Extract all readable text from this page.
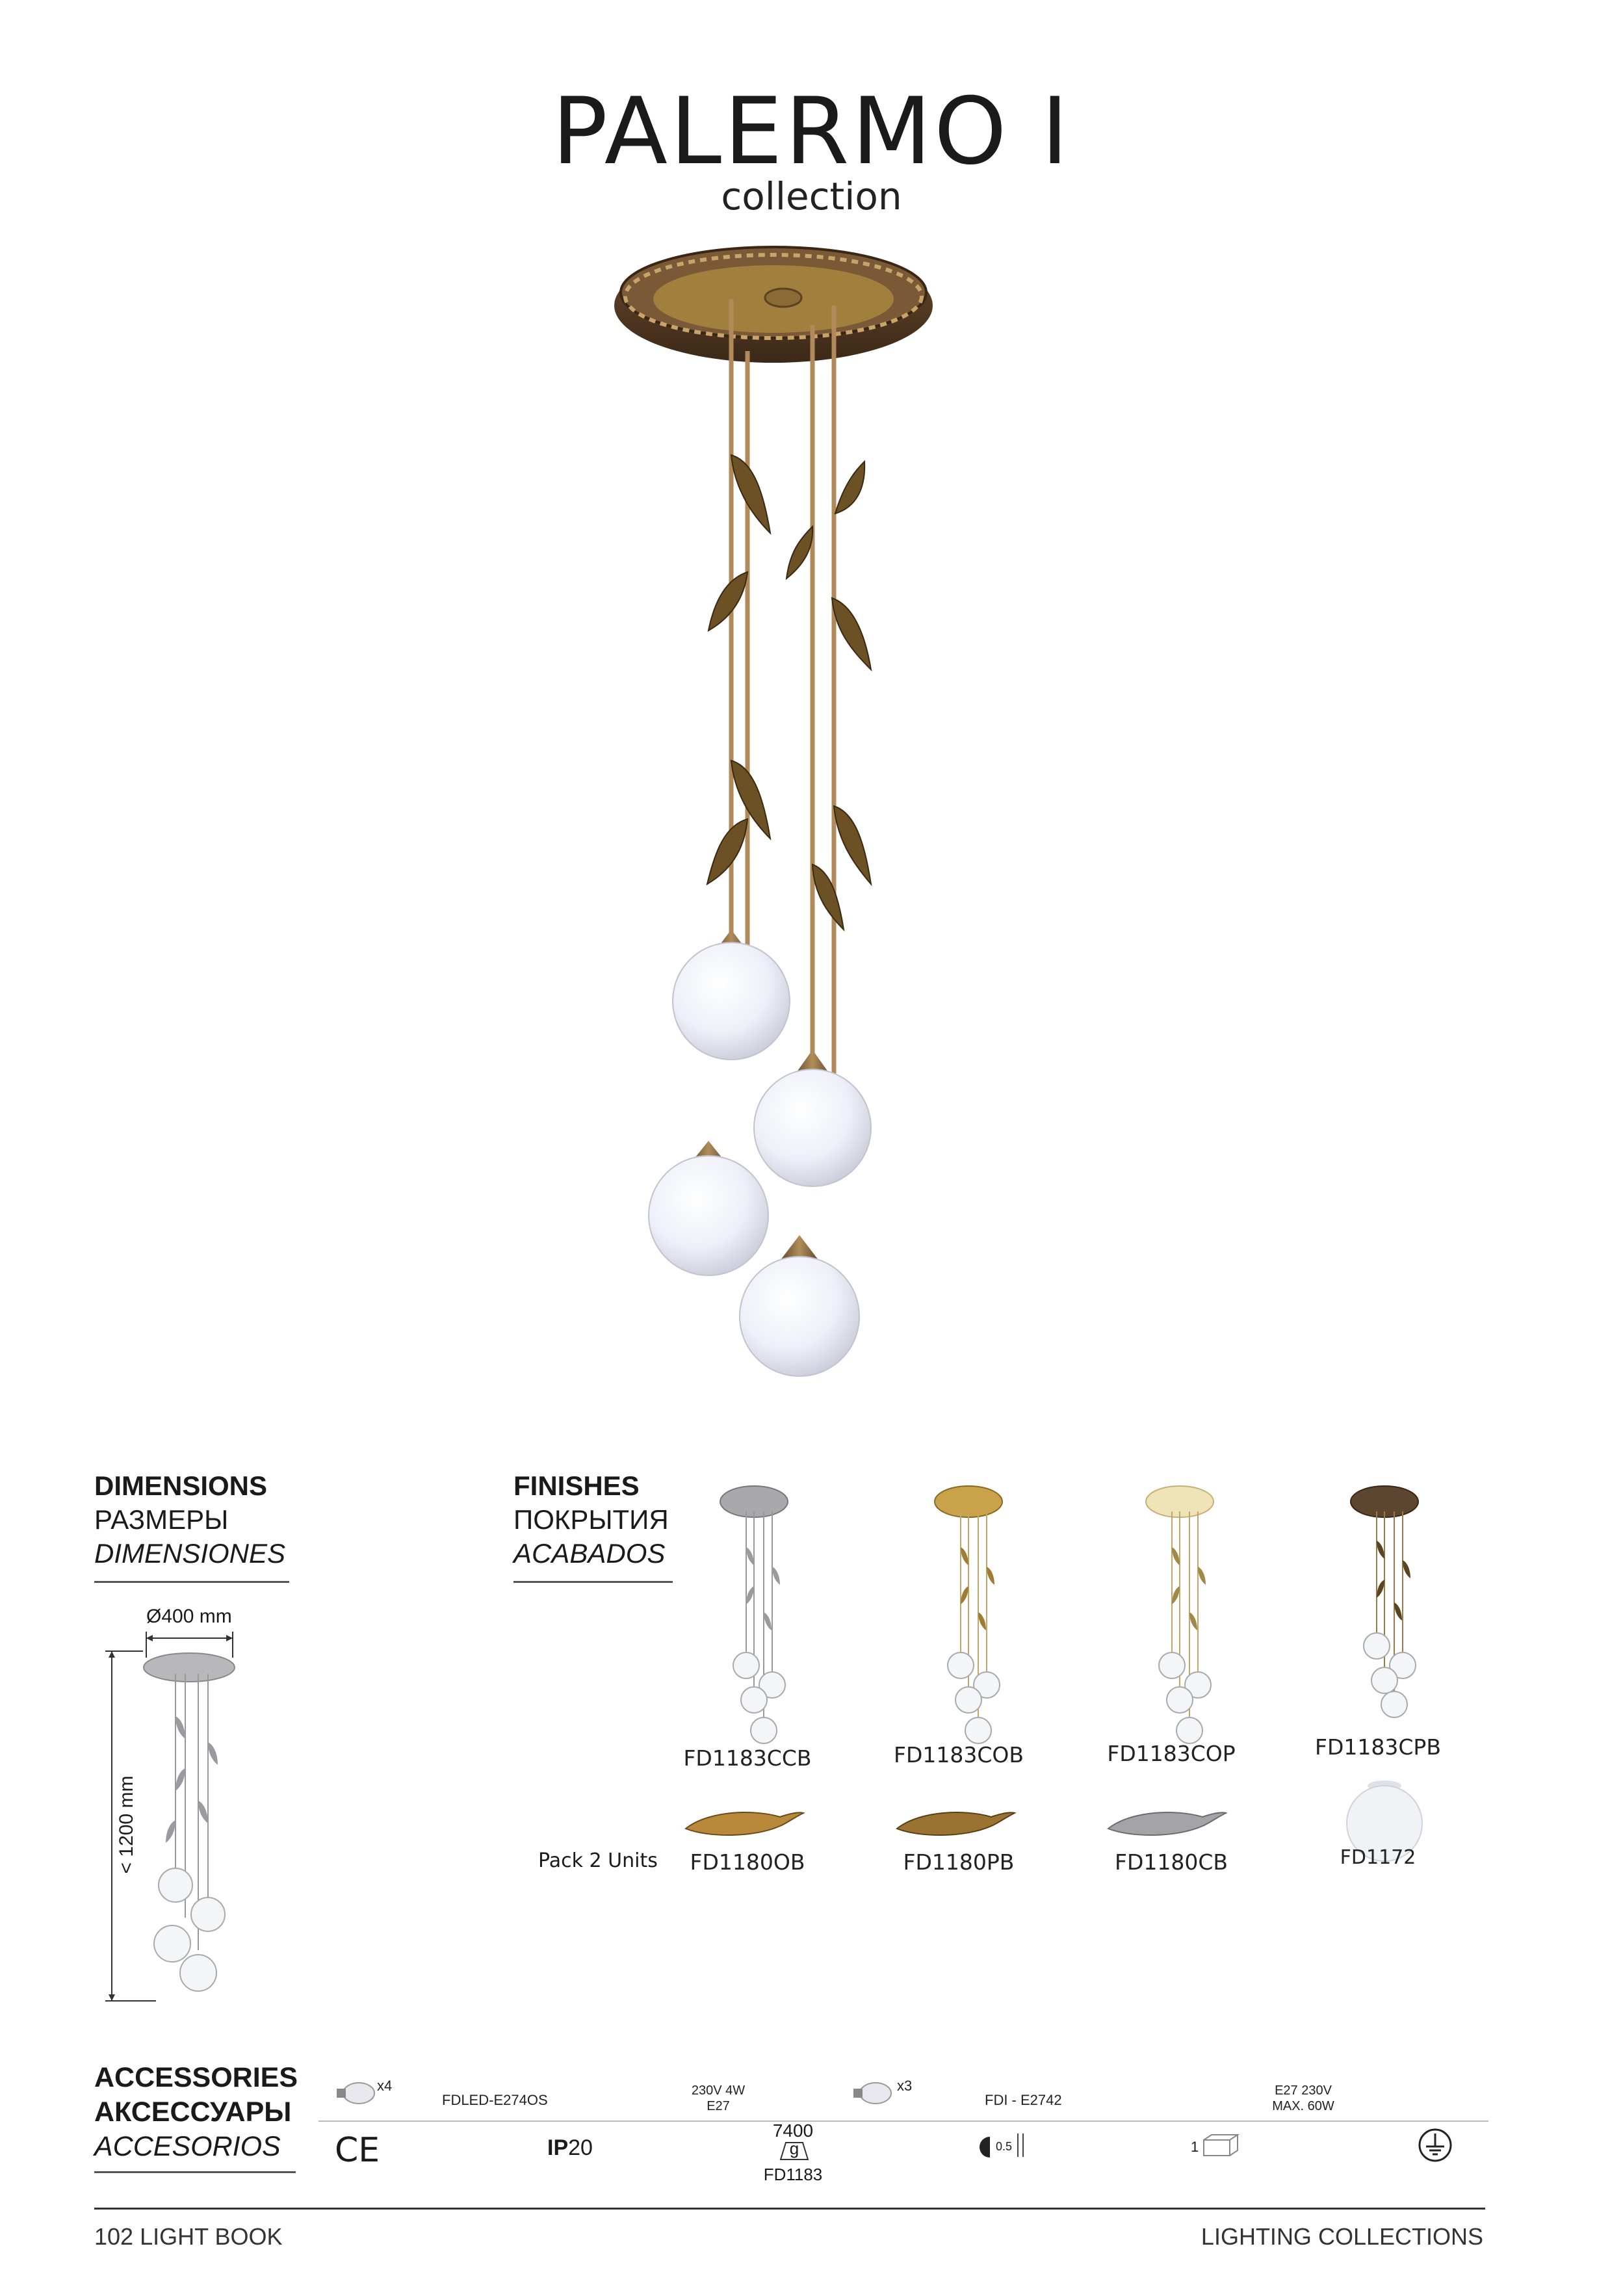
PALERMO I
collection
DIMENSIONS
РАЗМЕРЫ
DIMENSIONES
Ø400 mm
< 1200 mm
FINISHES
ПОКРЫТИЯ
ACABADOS
FD1183CCB	FD1183COB	FD1183COP	FD1183CPB
Pack 2 Units	FD1180OB	FD1180PB	FD1180CB	FD1172
ACCESSORIES
АКСЕССУАРЫ
ACCESORIOS
x4
FDLED-E274OS
230V 4W
E27
x3
FDI - E2742
E27 230V
MAX. 60W
CE	IP20
7400
g
FD1183
0.5	1
102 LIGHT BOOK	LIGHTING COLLECTIONS
